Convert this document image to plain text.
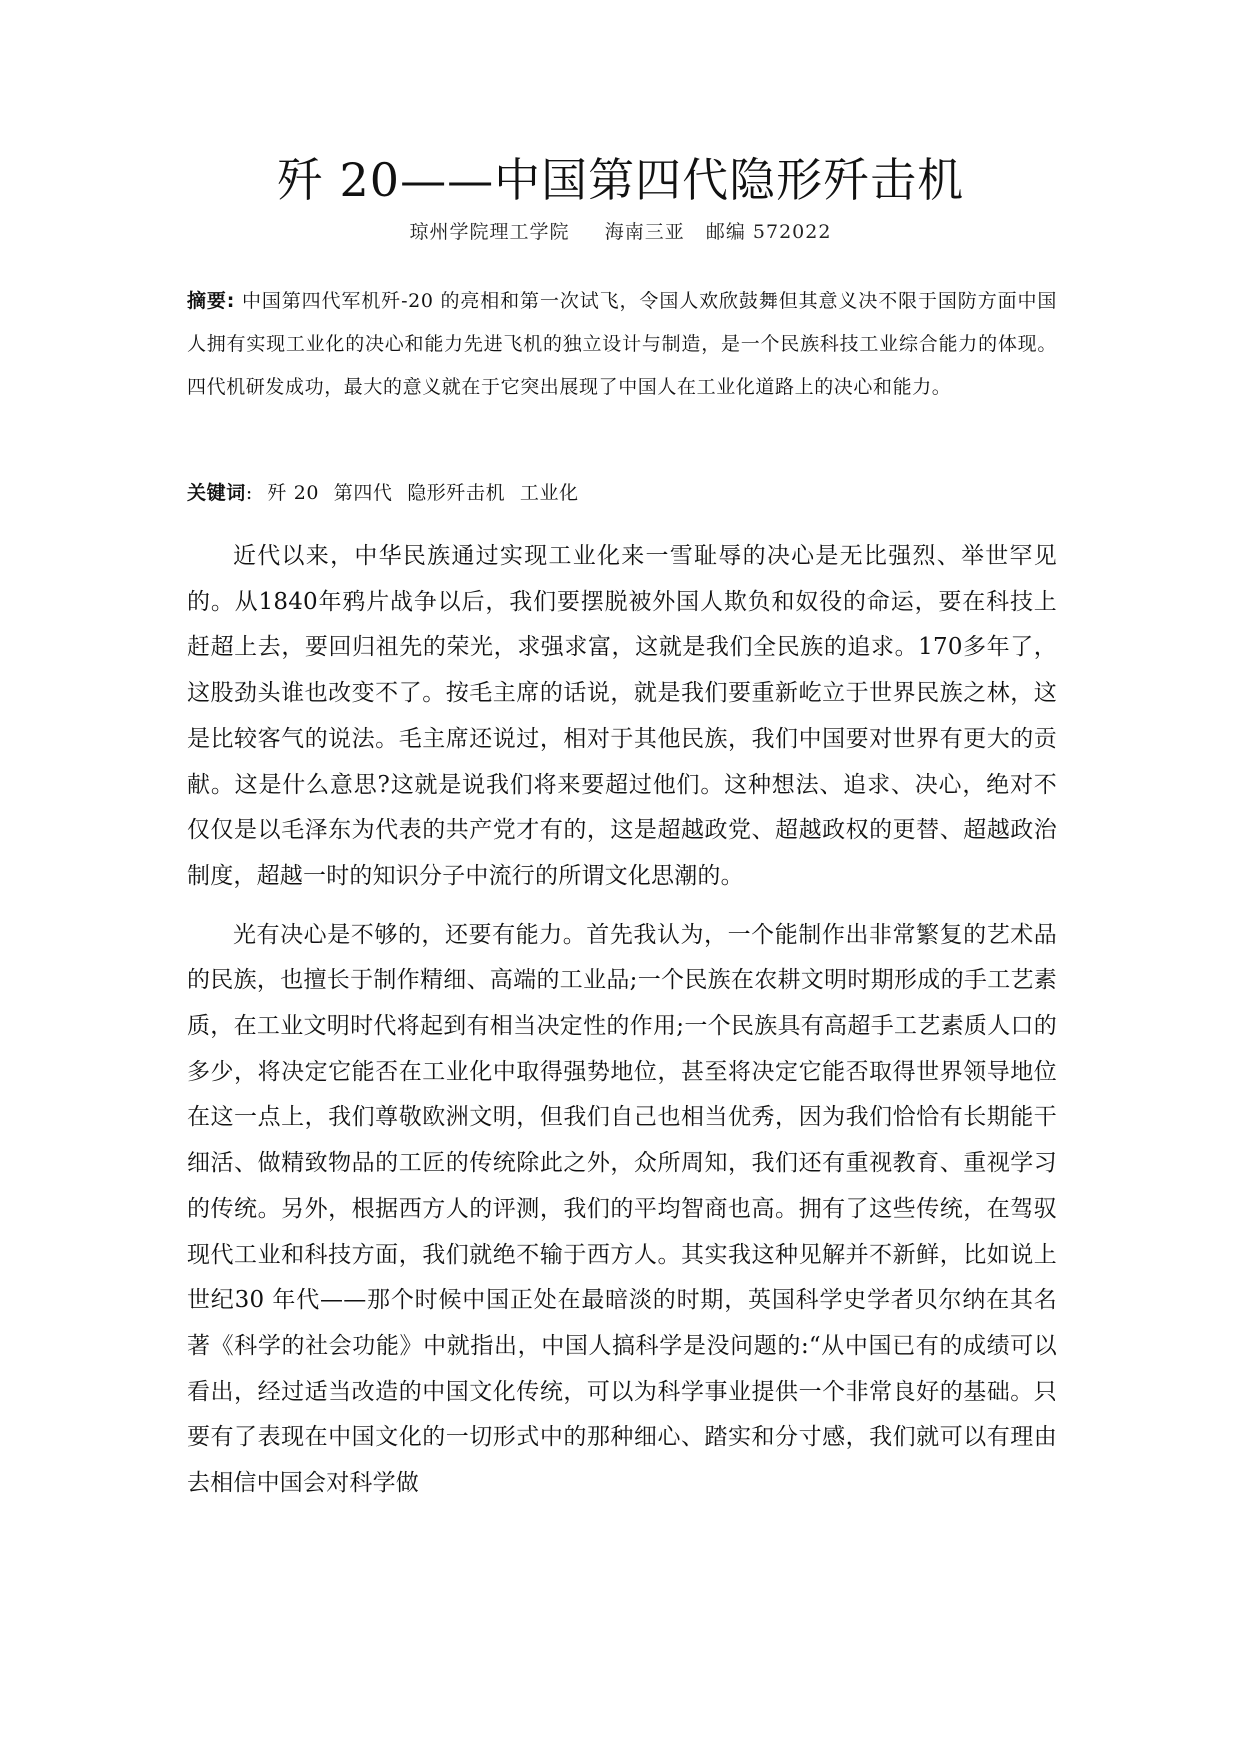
歼 20——中国第四代隐形歼击机
琼州学院理工学院     海南三亚   邮编 572022
摘要: 中国第四代军机歼-20 的亮相和第一次试飞，令国人欢欣鼓舞但其意义决不限于国防方面中国人拥有实现工业化的决心和能力先进飞机的独立设计与制造，是一个民族科技工业综合能力的体现。四代机研发成功，最大的意义就在于它突出展现了中国人在工业化道路上的决心和能力。
关键词: 歼 20 第四代 隐形歼击机 工业化

近代以来，中华民族通过实现工业化来一雪耻辱的决心是无比强烈、举世罕见的。从1840年鸦片战争以后，我们要摆脱被外国人欺负和奴役的命运，要在科技上赶超上去，要回归祖先的荣光，求强求富，这就是我们全民族的追求。170多年了，这股劲头谁也改变不了。按毛主席的话说，就是我们要重新屹立于世界民族之林，这是比较客气的说法。毛主席还说过，相对于其他民族，我们中国要对世界有更大的贡献。这是什么意思?这就是说我们将来要超过他们。这种想法、追求、决心，绝对不仅仅是以毛泽东为代表的共产党才有的，这是超越政党、超越政权的更替、超越政治制度，超越一时的知识分子中流行的所谓文化思潮的。

光有决心是不够的，还要有能力。首先我认为，一个能制作出非常繁复的艺术品的民族，也擅长于制作精细、高端的工业品;一个民族在农耕文明时期形成的手工艺素质，在工业文明时代将起到有相当决定性的作用;一个民族具有高超手工艺素质人口的多少，将决定它能否在工业化中取得强势地位，甚至将决定它能否取得世界领导地位在这一点上，我们尊敬欧洲文明，但我们自己也相当优秀，因为我们恰恰有长期能干细活、做精致物品的工匠的传统除此之外，众所周知，我们还有重视教育、重视学习的传统。另外，根据西方人的评测，我们的平均智商也高。拥有了这些传统，在驾驭现代工业和科技方面，我们就绝不输于西方人。其实我这种见解并不新鲜，比如说上世纪30 年代——那个时候中国正处在最暗淡的时期，英国科学史学者贝尔纳在其名著《科学的社会功能》中就指出，中国人搞科学是没问题的:“从中国已有的成绩可以看出，经过适当改造的中国文化传统，可以为科学事业提供一个非常良好的基础。只要有了表现在中国文化的一切形式中的那种细心、踏实和分寸感，我们就可以有理由去相信中国会对科学做
